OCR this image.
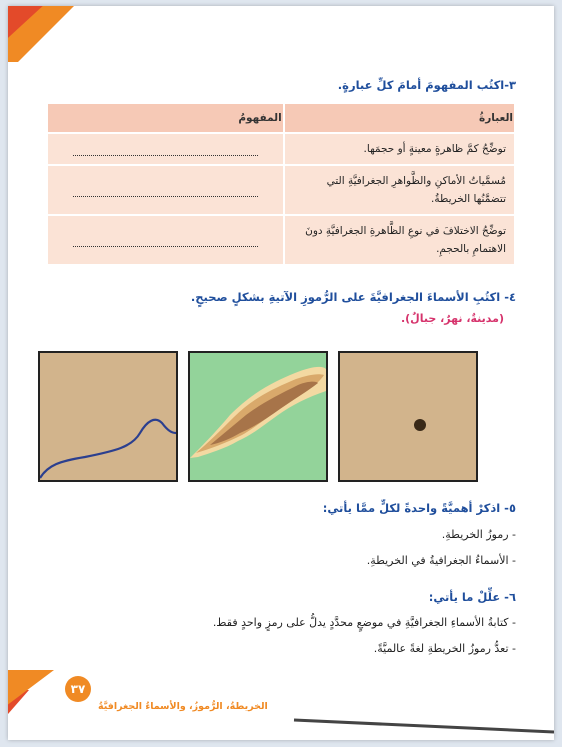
٣-اكتُب المفهومَ أمامَ كلِّ عبارةٍ.
العبارةُ	المفهومُ
توضِّحُ كمَّ ظاهرةٍ معينةٍ أو حجمَها.	

مُسمَّياتُ الأماكنِ والظَّواهرِ الجغرافيَّةِ التي تتضمَّنُها الخريطةُ.	

توضِّحُ الاختلافَ في نوعِ الظَّاهرةِ الجغرافيَّةِ دونَ الاهتمامِ بالحجمِ.	
٤- اكتُبِ الأسماءَ الجغرافيَّةَ على الرُّموزِ الآتيةِ بشكلٍ صحيحٍ.
(مدينةٌ، نهرٌ، جبالٌ).
٥- اذكرْ أهميَّةً واحدةً لكلٍّ ممَّا يأتي:
- رموزُ الخريطةِ.
- الأسماءُ الجغرافيةُ في الخريطةِ.
٦- علِّلْ ما يأتي:
- كتابةُ الأسماءِ الجغرافيَّةِ في موضعٍ محدَّدٍ يدلُّ على رمزٍ واحدٍ فقط.
- تعدُّ رموزُ الخريطةِ لغةً عالميَّةً.
٣٧
الخريطةُ، الرُّموزُ، والأسماءُ الجغرافيَّةُ
